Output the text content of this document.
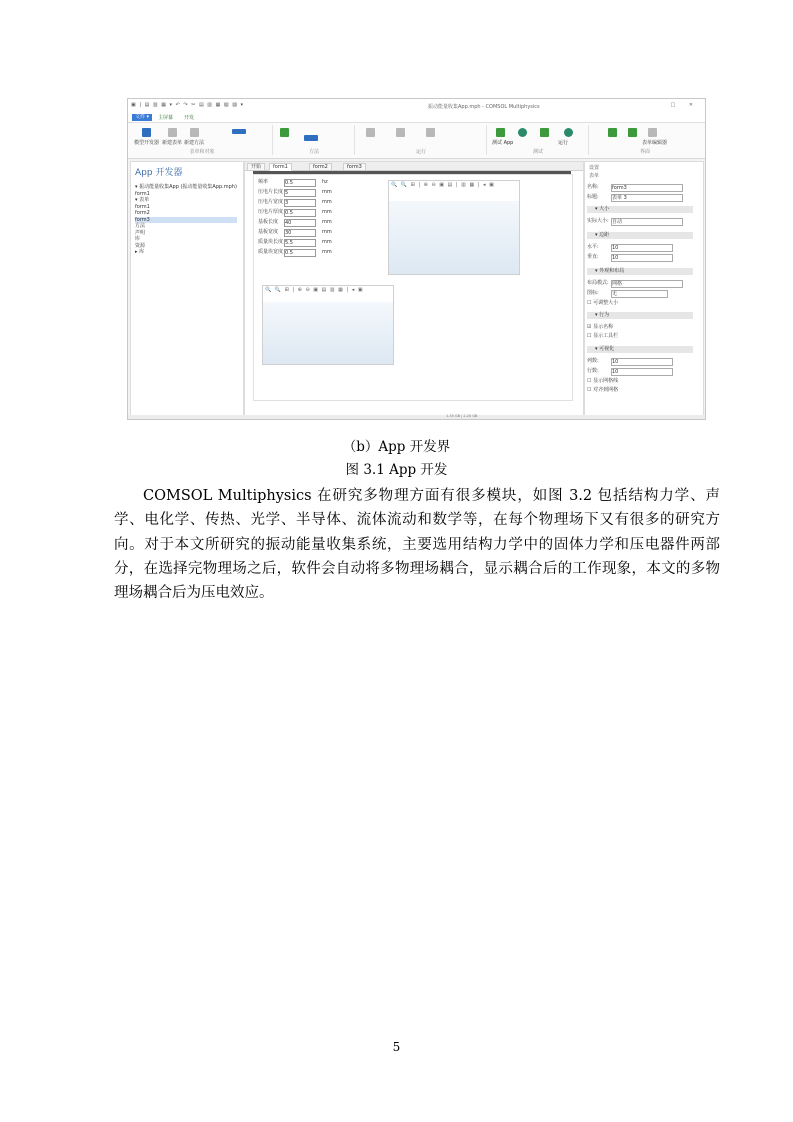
▣ | ▤ ▥ ▦ ▾ ↶ ↷ ✂ ▤ ▥ ▦ ▧ ▨ ▾	振动能量收集App.mph - COMSOL Multiphysics	□ ✕
文件 ▾	主屏幕 开发
模型开发器 新建表单 新建方法
表单和对象	方法	运行
测试 App	运行
测试
表单编辑器
界面
App 开发器
▾ 振动能量收集App (振动能量收集App.mph)
form1
▾ 表单
form1
form2
form3
方法
声明
库
资源
▸ 库
开始	form1	form2	form3
频率	0.5	hz
压电片长度 5	mm
压电片宽度 3	mm
压电片厚度 0.5	mm
基板长度 40	mm
基板宽度 30	mm
质量块长度 5.5	mm
质量块宽度 0.5	mm
🔍 🔍 ⊞ | ⊕ ⊖ ▣ ▤ | ▥ ▦ | ◂ ▣
🔍 🔍 ⊞ | ⊕ ⊖ ▣ ▤ ▥ ▦ | ◂ ▣
设置
表单
名称:	form3
标题:	表单 3
▾ 大小
实际大小: 自动
▾ 边距
水平:	10
垂直:	10
▾ 外观和布局
布局模式: 网格
图标:	无
☐ 可调整大小
▾ 行为
☑ 显示名称
☐ 显示工具栏
▾ 可视化
列数:	10
行数:	10
☐ 显示网格线
☐ 对齐到网格
1.35 GB | 2.20 GB
（b）App 开发界
图 3.1 App 开发

COMSOL Multiphysics 在研究多物理方面有很多模块，如图 3.2 包括结构力学、声学、电化学、传热、光学、半导体、流体流动和数学等，在每个物理场下又有很多的研究方向。对于本文所研究的振动能量收集系统，主要选用结构力学中的固体力学和压电器件两部分，在选择完物理场之后，软件会自动将多物理场耦合，显示耦合后的工作现象，本文的多物理场耦合后为压电效应。

5
